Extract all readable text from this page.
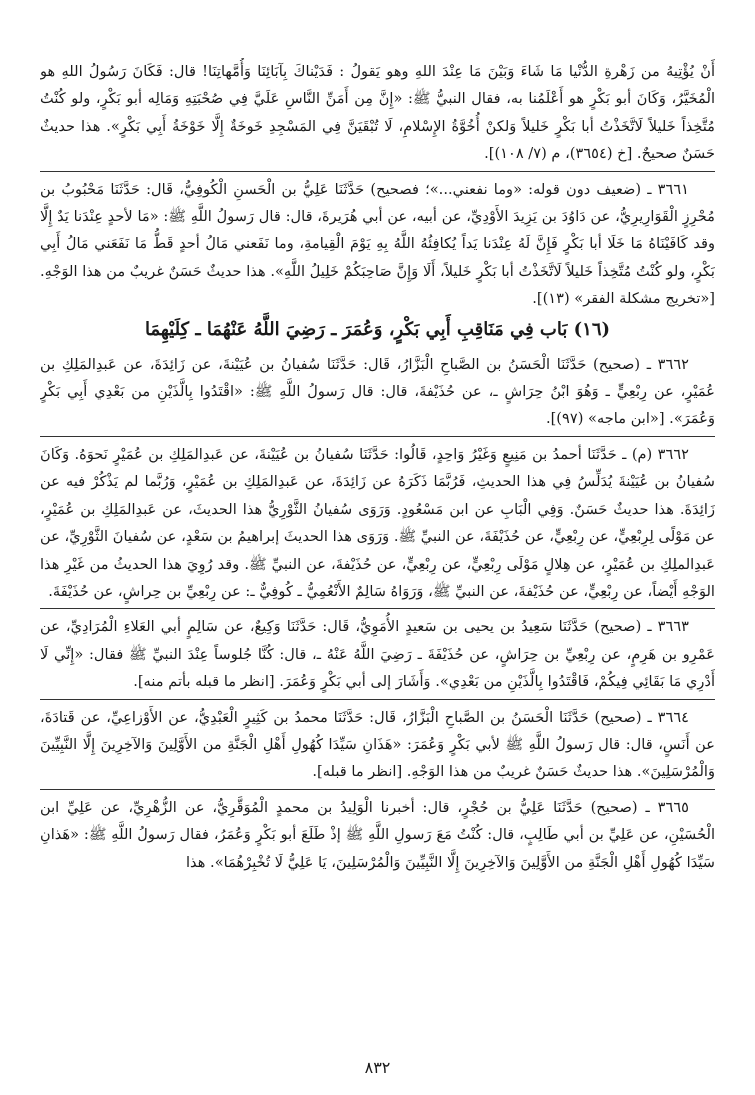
أَنْ يُؤْتِيهُ من زَهْرةِ الدُّنْيا مَا شَاءَ وَبَيْنَ مَا عِنْدَ اللهِ وهو يَقولُ : فَدَيْناكَ بِآبَائِنَا وَأُمَّهاتِنَا! قال: فَكَانَ رَسُولُ اللهِ هو الْمُخَيَّرُ، وَكَانَ أبو بَكْرٍ هو أَعْلَمُنا به، فقال النبيُّ ﷺ: «إِنَّ مِن أَمَنِّ النَّاسِ عَلَيَّ فِي صُحْبَتِهِ وَمَالِه أبو بَكْرٍ، ولو كُنْتُ مُتَّخِذاً خَليلاً لَاتَّخَذْتُ أبا بَكْرٍ خَليلاً وَلكنْ أُخُوَّةُ الإِسْلامِ، لَا تُبْقَيَنَّ فِي المَسْجِدِ خَوخَةٌ إِلَّا خَوْخَةُ أَبِي بَكْرٍ». هذا حديثٌ حَسَنٌ صحيحٌ. [خ (٣٦٥٤)، م (٧/ ١٠٨)].

٣٦٦١ ـ (ضعيف دون قوله: «وما نفعني...»؛ فصحيح) حَدَّثَنَا عَلِيُّ بن الْحَسنِ الْكُوفِيُّ، قَال: حَدَّثَنَا مَحْبُوبُ بن مُحْرِزٍ الْقَوَارِيرِيُّ، عن دَاوُدَ بن يَزِيدَ الأَوْدِيِّ، عن أبيه، عن أبي هُرَيرةَ، قال: قال رَسولُ اللَّهِ ﷺ: «مَا لأحدٍ عِنْدَنا يَدٌ إِلَّا وقد كَافَيْنَاهُ مَا خَلَا أبا بَكْرٍ فَإِنَّ لَهُ عِنْدَنا يَداً يُكافِئُهُ اللَّهُ بِهِ يَوْمَ الْقِيامةِ، وما نَفَعني مَالُ أحدٍ قَطُّ مَا نَفَعَني مَالُ أَبِي بَكْرٍ، ولو كُنْتُ مُتَّخِذاً خَليلاً لَاتَّخَذْتُ أبا بَكْرٍ خَليلاً، أَلَا وَإِنَّ صَاحِبَكُمْ خَلِيلُ اللَّهِ». هذا حديثٌ حَسَنٌ غريبٌ من هذا الوَجْهِ. [«تخريج مشكلة الفقر» (١٣)].

(١٦) بَاب فِي مَنَاقِبِ أَبِي بَكْرٍ، وَعُمَرَ ـ رَضِيَ اللَّهُ عَنْهُمَا ـ كِلَيْهِمَا

٣٦٦٢ ـ (صحيح) حَدَّثَنَا الْحَسَنُ بن الصَّباحِ الْبَزَّارُ، قَال: حَدَّثَنَا سُفيانُ بن عُيَيْنةَ، عن زَائِدَةَ، عن عَبدِالمَلِكِ بن عُمَيْرٍ، عن رِبْعِيٍّ ـ وَهُوَ ابْنُ حِرَاشٍ ـ، عن حُذَيْفةَ، قال: قال رَسولُ اللَّهِ ﷺ: «اقْتَدُوا بِالَّذَيْنِ من بَعْدِي أَبِي بَكْرٍ وَعُمَرَ». [«ابن ماجه» (٩٧)].

٣٦٦٢ (م) ـ حَدَّثَنَا أحمدُ بن مَنِيعٍ وَغَيْرُ وَاحِدٍ، قَالُوا: حَدَّثَنَا سُفيانُ بن عُيَيْنةَ، عن عَبدِالمَلِكِ بن عُمَيْرٍ نَحوَهُ. وَكَانَ سُفيانُ بن عُيَيْنةَ يُدَلِّسُ فِي هذا الحديثِ، فَرُبَّمَا ذَكَرَهُ عن زَائِدَةَ، عن عَبدِالمَلِكِ بن عُمَيْرٍ، وَرُبَّما لم يَذْكُرْ فيه عن زَائِدَةَ. هذا حديثٌ حَسَنٌ. وَفِي الْبَابِ عن ابن مَسْعُودٍ. وَرَوَى سُفيانُ الثَّوْرِيُّ هذا الحديثَ، عن عَبدِالمَلِكِ بن عُمَيْرٍ، عن مَوْلًى لِرِبْعِيٍّ، عن رِبْعِيٍّ، عن حُذَيْفَةَ، عن النبيِّ ﷺ. وَرَوَى هذا الحديثَ إبراهيمُ بن سَعْدٍ، عن سُفيانَ الثَّوْرِيِّ، عن عَبدِالملِكِ بن عُمَيْرٍ، عن هِلالٍ مَوْلَى رِبْعِيٍّ، عن رِبْعِيٍّ، عن حُذَيْفةَ، عن النبيِّ ﷺ. وقد رُوِيَ هذا الحديثُ من غَيْرِ هذا الوَجْهِ أَيْضاً، عن رِبْعِيٍّ، عن حُذَيْفةَ، عن النبيِّ ﷺ، وَرَوَاهُ سَالِمٌ الأَنْعُمِيُّ ـ كُوفِيٌّ ـ: عن رِبْعِيِّ بن حِراشٍ، عن حُذَيْفَةَ.

٣٦٦٣ ـ (صحيح) حَدَّثَنَا سَعِيدُ بن يحيى بن سَعيدٍ الأُمَوِيُّ، قَال: حَدَّثَنَا وَكِيعٌ، عن سَالِمٍ أبي العَلاءِ الْمُرَادِيِّ، عن عَمْرِو بن هَرِمٍ، عن رِبْعِيِّ بن حِرَاشٍ، عن حُذَيْفَةَ ـ رَضِيَ اللَّهُ عَنْهُ ـ، قال: كُنَّا جُلوساً عِنْدَ النبيِّ ﷺ فقال: «إِنِّي لَا أَدْرِي مَا بَقَائِي فِيكُمْ، فَاقْتَدُوا بِالَّذَيْنِ من بَعْدِي». وَأَشَارَ إلى أبي بَكْرٍ وَعُمَرَ. [انظر ما قبله بأتم منه].

٣٦٦٤ ـ (صحيح) حَدَّثَنَا الْحَسَنُ بن الصَّباحِ الْبَزَّارُ، قَال: حَدَّثَنَا محمدُ بن كَثِيرٍ الْعَبْدِيُّ، عن الأَوْزاعِيِّ، عن قَتادَةَ، عن أَنَسٍ، قال: قال رَسولُ اللَّهِ ﷺ لأبي بَكْرٍ وَعُمَرَ: «هَذَانِ سَيِّدَا كُهُولِ أَهْلِ الْجَنَّةِ من الأَوَّلِينَ وَالآخِرِينَ إِلَّا النَّبِيِّينَ وَالْمُرْسَلِينَ». هذا حديثٌ حَسَنٌ غريبٌ من هذا الوَجْهِ. [انظر ما قبله].

٣٦٦٥ ـ (صحيح) حَدَّثَنَا عَلِيُّ بن حُجْرٍ، قال: أخبرنا الْوَلِيدُ بن محمدٍ الْمُوَقَّرِيُّ، عن الزُّهْرِيِّ، عن عَلِيِّ ابن الْحُسَيْنِ، عن عَلِيِّ بن أبي طَالِبٍ، قال: كُنْتُ مَعَ رَسولِ اللَّهِ ﷺ إذْ طَلَعَ أبو بَكْرٍ وَعُمَرُ، فقال رَسولُ اللَّهِ ﷺ: «هَذانِ سَيِّدَا كُهُولِ أَهْلِ الْجَنَّةِ من الأَوَّلِينَ وَالآخِرِينَ إِلَّا النَّبِيِّينَ وَالْمُرْسَلِينَ، يَا عَلِيُّ لَا تُخْبِرْهُمَا». هذا

٨٣٢
